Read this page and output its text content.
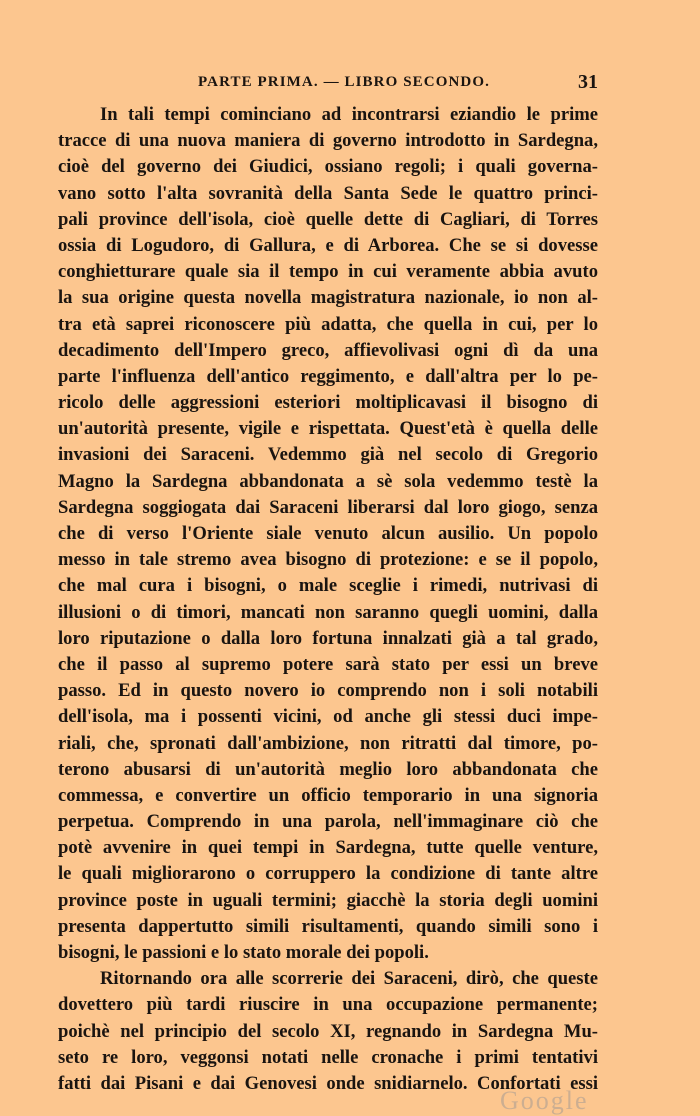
PARTE PRIMA. — LIBRO SECONDO.	31
In tali tempi cominciano ad incontrarsi eziandio le prime
tracce di una nuova maniera di governo introdotto in Sardegna,
cioè del governo dei Giudici, ossiano regoli; i quali governa-
vano sotto l'alta sovranità della Santa Sede le quattro princi-
pali province dell'isola, cioè quelle dette di Cagliari, di Torres
ossia di Logudoro, di Gallura, e di Arborea. Che se si dovesse
conghietturare quale sia il tempo in cui veramente abbia avuto
la sua origine questa novella magistratura nazionale, io non al-
tra età saprei riconoscere più adatta, che quella in cui, per lo
decadimento dell'Impero greco, affievolivasi ogni dì da una
parte l'influenza dell'antico reggimento, e dall'altra per lo pe-
ricolo delle aggressioni esteriori moltiplicavasi il bisogno di
un'autorità presente, vigile e rispettata. Quest'età è quella delle
invasioni dei Saraceni. Vedemmo già nel secolo di Gregorio
Magno la Sardegna abbandonata a sè sola vedemmo testè la
Sardegna soggiogata dai Saraceni liberarsi dal loro giogo, senza
che di verso l'Oriente siale venuto alcun ausilio. Un popolo
messo in tale stremo avea bisogno di protezione: e se il popolo,
che mal cura i bisogni, o male sceglie i rimedi, nutrivasi di
illusioni o di timori, mancati non saranno quegli uomini, dalla
loro riputazione o dalla loro fortuna innalzati già a tal grado,
che il passo al supremo potere sarà stato per essi un breve
passo. Ed in questo novero io comprendo non i soli notabili
dell'isola, ma i possenti vicini, od anche gli stessi duci impe-
riali, che, spronati dall'ambizione, non ritratti dal timore, po-
terono abusarsi di un'autorità meglio loro abbandonata che
commessa, e convertire un officio temporario in una signoria
perpetua. Comprendo in una parola, nell'immaginare ciò che
potè avvenire in quei tempi in Sardegna, tutte quelle venture,
le quali migliorarono o corruppero la condizione di tante altre
province poste in uguali termini; giacchè la storia degli uomini
presenta dappertutto simili risultamenti, quando simili sono i
bisogni, le passioni e lo stato morale dei popoli.
Ritornando ora alle scorrerie dei Saraceni, dirò, che queste
dovettero più tardi riuscire in una occupazione permanente;
poichè nel principio del secolo XI, regnando in Sardegna Mu-
seto re loro, veggonsi notati nelle cronache i primi tentativi
fatti dai Pisani e dai Genovesi onde snidiarnelo. Confortati essi
Google
